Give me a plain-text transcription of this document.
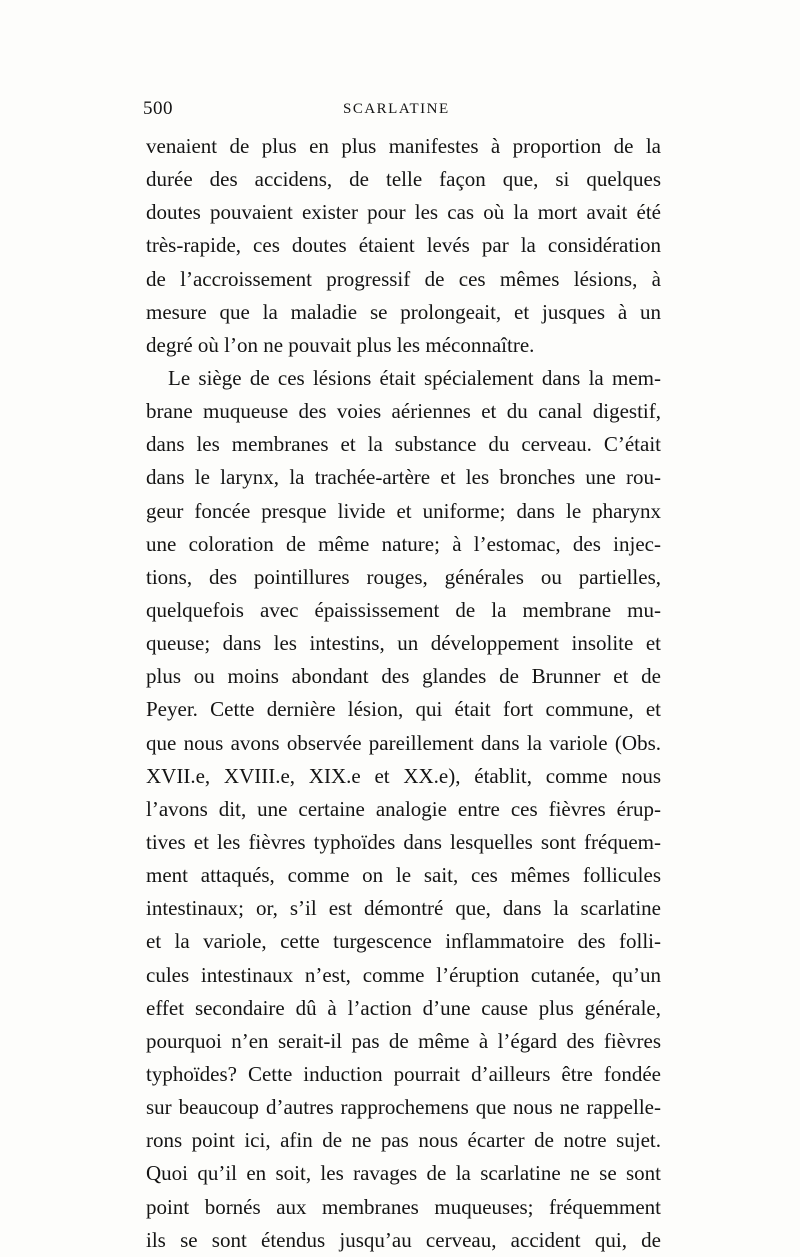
500	SCARLATINE
venaient de plus en plus manifestes à proportion de la
durée des accidens, de telle façon que, si quelques
doutes pouvaient exister pour les cas où la mort avait été
très-rapide, ces doutes étaient levés par la considération
de l’accroissement progressif de ces mêmes lésions, à
mesure que la maladie se prolongeait, et jusques à un
degré où l’on ne pouvait plus les méconnaître.
Le siège de ces lésions était spécialement dans la mem-
brane muqueuse des voies aériennes et du canal digestif,
dans les membranes et la substance du cerveau. C’était
dans le larynx, la trachée-artère et les bronches une rou-
geur foncée presque livide et uniforme; dans le pharynx
une coloration de même nature; à l’estomac, des injec-
tions, des pointillures rouges, générales ou partielles,
quelquefois avec épaississement de la membrane mu-
queuse; dans les intestins, un développement insolite et
plus ou moins abondant des glandes de Brunner et de
Peyer. Cette dernière lésion, qui était fort commune, et
que nous avons observée pareillement dans la variole (Obs.
XVII.e, XVIII.e, XIX.e et XX.e), établit, comme nous
l’avons dit, une certaine analogie entre ces fièvres érup-
tives et les fièvres typhoïdes dans lesquelles sont fréquem-
ment attaqués, comme on le sait, ces mêmes follicules
intestinaux; or, s’il est démontré que, dans la scarlatine
et la variole, cette turgescence inflammatoire des folli-
cules intestinaux n’est, comme l’éruption cutanée, qu’un
effet secondaire dû à l’action d’une cause plus générale,
pourquoi n’en serait-il pas de même à l’égard des fièvres
typhoïdes? Cette induction pourrait d’ailleurs être fondée
sur beaucoup d’autres rapprochemens que nous ne rappelle-
rons point ici, afin de ne pas nous écarter de notre sujet.
Quoi qu’il en soit, les ravages de la scarlatine ne se sont
point bornés aux membranes muqueuses; fréquemment
ils se sont étendus jusqu’au cerveau, accident qui, de
